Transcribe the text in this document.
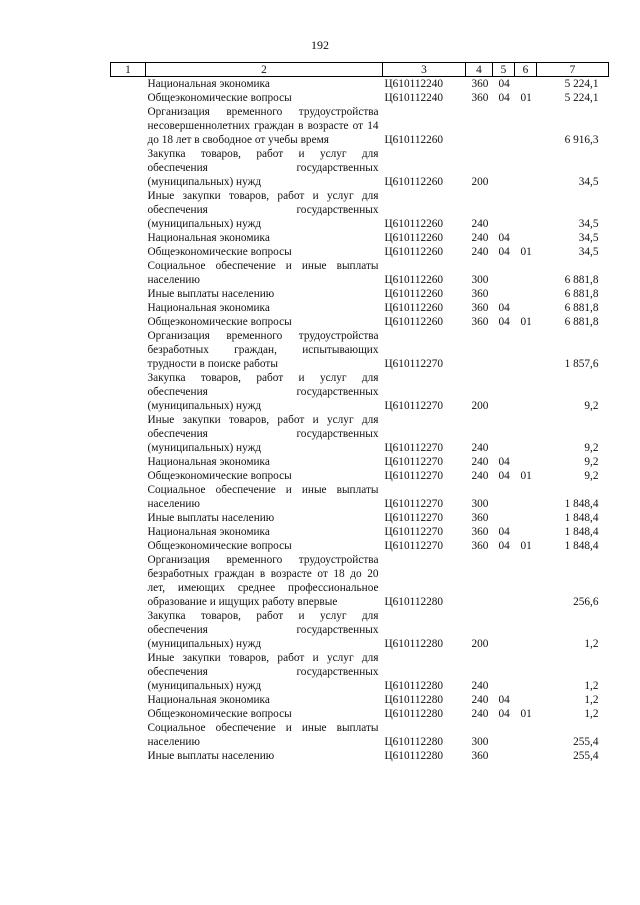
192
1	2	3	4	5	6	7
	Национальная экономика	Ц610112240	360	04		5 224,1
	Общеэкономические вопросы	Ц610112240	360	04	01	5 224,1
	Организация временного трудоустройства несовершеннолетних граждан в возрасте от 14 до 18 лет в свободное от учебы время	Ц610112260				6 916,3
	Закупка товаров, работ и услуг для обеспечения государственных (муниципальных) нужд	Ц610112260	200			34,5
	Иные закупки товаров, работ и услуг для обеспечения государственных (муниципальных) нужд	Ц610112260	240			34,5
	Национальная экономика	Ц610112260	240	04		34,5
	Общеэкономические вопросы	Ц610112260	240	04	01	34,5
	Социальное обеспечение и иные выплаты населению	Ц610112260	300			6 881,8
	Иные выплаты населению	Ц610112260	360			6 881,8
	Национальная экономика	Ц610112260	360	04		6 881,8
	Общеэкономические вопросы	Ц610112260	360	04	01	6 881,8
	Организация временного трудоустройства безработных граждан, испытывающих трудности в поиске работы	Ц610112270				1 857,6
	Закупка товаров, работ и услуг для обеспечения государственных (муниципальных) нужд	Ц610112270	200			9,2
	Иные закупки товаров, работ и услуг для обеспечения государственных (муниципальных) нужд	Ц610112270	240			9,2
	Национальная экономика	Ц610112270	240	04		9,2
	Общеэкономические вопросы	Ц610112270	240	04	01	9,2
	Социальное обеспечение и иные выплаты населению	Ц610112270	300			1 848,4
	Иные выплаты населению	Ц610112270	360			1 848,4
	Национальная экономика	Ц610112270	360	04		1 848,4
	Общеэкономические вопросы	Ц610112270	360	04	01	1 848,4
	Организация временного трудоустройства безработных граждан в возрасте от 18 до 20 лет, имеющих среднее профессиональное образование и ищущих работу впервые	Ц610112280				256,6
	Закупка товаров, работ и услуг для обеспечения государственных (муниципальных) нужд	Ц610112280	200			1,2
	Иные закупки товаров, работ и услуг для обеспечения государственных (муниципальных) нужд	Ц610112280	240			1,2
	Национальная экономика	Ц610112280	240	04		1,2
	Общеэкономические вопросы	Ц610112280	240	04	01	1,2
	Социальное обеспечение и иные выплаты населению	Ц610112280	300			255,4
	Иные выплаты населению	Ц610112280	360			255,4
